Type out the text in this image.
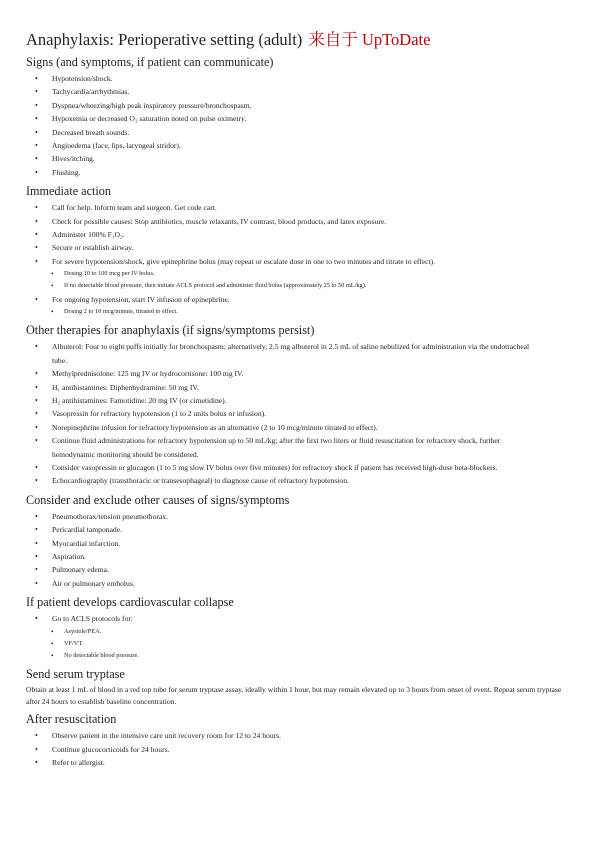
Anaphylaxis: Perioperative setting (adult) 来自于 UpToDate
Signs (and symptoms, if patient can communicate)
• Hypotension/shock.
• Tachycardia/arrhythmias.
• Dyspnea/wheezing/high peak inspiratory pressure/bronchospasm.
• Hypoxemia or decreased O₂ saturation noted on pulse oximetry.
• Decreased breath sounds.
• Angioedema (face, lips, laryngeal stridor).
• Hives/itching.
• Flushing.
Immediate action
• Call for help. Inform team and surgeon. Get code cart.
• Check for possible causes: Stop antibiotics, muscle relaxants, IV contrast, blood products, and latex exposure.
• Administer 100% F₁O₂.
• Secure or establish airway.
• For severe hypotension/shock, give epinephrine bolus (may repeat or escalate dose in one to two minutes and titrate to effect).
• Dosing 10 to 100 mcg per IV bolus.
• If no detectable blood pressure, then initiate ACLS protocol and administer fluid bolus (approximately 25 to 50 mL/kg).
• For ongoing hypotension, start IV infusion of epinephrine.
• Dosing 2 to 10 mcg/minute, titrated to effect.
Other therapies for anaphylaxis (if signs/symptoms persist)
• Albuterol: Four to eight puffs initially for bronchospasm; alternatively, 2.5 mg albuterol in 2.5 mL of saline nebulized for administration via the endotracheal tube.
• Methylprednisolone: 125 mg IV or hydrocortisone: 100 mg IV.
• H₁ antihistamines: Diphenhydramine: 50 mg IV.
• H₂ antihistamines: Famotidine: 20 mg IV (or cimetidine).
• Vasopressin for refractory hypotension (1 to 2 units bolus or infusion).
• Norepinephrine infusion for refractory hypotension as an alternative (2 to 10 mcg/minute titrated to effect).
• Continue fluid administrations for refractory hypotension up to 50 mL/kg; after the first two liters or fluid resuscitation for refractory shock, further hemodynamic monitoring should be considered.
• Consider vasopressin or glucagon (1 to 5 mg slow IV bolus over five minutes) for refractory shock if patient has received high-dose beta-blockers.
• Echocardiography (transthoracic or transesophageal) to diagnose cause of refractory hypotension.
Consider and exclude other causes of signs/symptoms
• Pneumothorax/tension pneumothorax.
• Pericardial tamponade.
• Myocardial infarction.
• Aspiration.
• Pulmonary edema.
• Air or pulmonary embolus.
If patient develops cardiovascular collapse
• Go to ACLS protocols for:
• Asystole/PEA.
• VF/VT.
• No detectable blood pressure.
Send serum tryptase

Obtain at least 1 mL of blood in a red top tube for serum tryptase assay, ideally within 1 hour, but may remain elevated up to 3 hours from onset of event. Repeat serum tryptase after 24 hours to establish baseline concentration.

After resuscitation
• Observe patient in the intensive care unit recovery room for 12 to 24 hours.
• Continue glucocorticoids for 24 hours.
• Refer to allergist.
